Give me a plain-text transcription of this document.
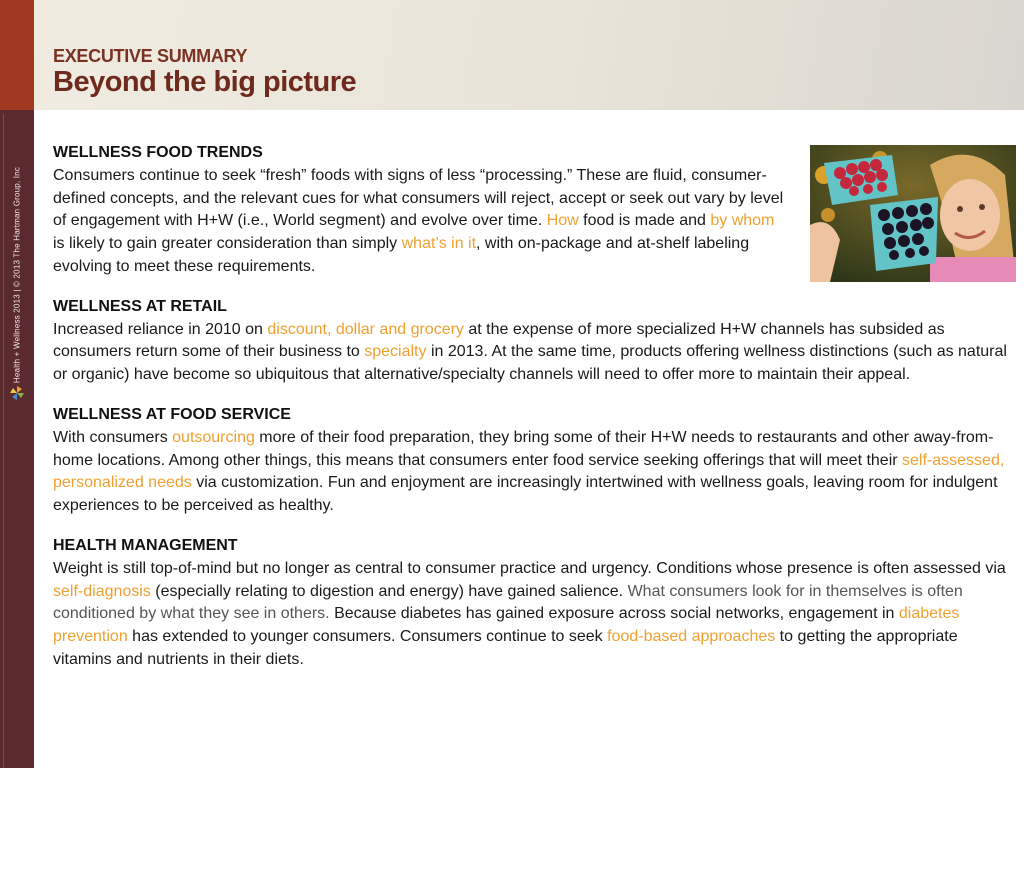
EXECUTIVE SUMMARY
Beyond the big picture
Health + Wellness 2013 | © 2013 The Hartman Group, Inc
9
WELLNESS FOOD TRENDS

Consumers continue to seek “fresh” foods with signs of less “processing.” These are fluid, consumer-defined concepts, and the relevant cues for what consumers will reject, accept or seek out vary by level of engagement with H+W (i.e., World segment) and evolve over time. How food is made and by whom is likely to gain greater consideration than simply what’s in it, with on-package and at-shelf labeling evolving to meet these requirements.

WELLNESS AT RETAIL

Increased reliance in 2010 on discount, dollar and grocery at the expense of more specialized H+W channels has subsided as consumers return some of their business to specialty in 2013. At the same time, products offering wellness distinctions (such as natural or organic) have become so ubiquitous that alternative/specialty channels will need to offer more to maintain their appeal.

WELLNESS AT FOOD SERVICE

With consumers outsourcing more of their food preparation, they bring some of their H+W needs to restaurants and other away-from-home locations. Among other things, this means that consumers enter food service seeking offerings that will meet their self-assessed, personalized needs via customization. Fun and enjoyment are increasingly intertwined with wellness goals, leaving room for indulgent experiences to be perceived as healthy.

HEALTH MANAGEMENT

Weight is still top-of-mind but no longer as central to consumer practice and urgency. Conditions whose presence is often assessed via self-diagnosis (especially relating to digestion and energy) have gained salience. What consumers look for in themselves is often conditioned by what they see in others. Because diabetes has gained exposure across social networks, engagement in diabetes prevention has extended to younger consumers. Consumers continue to seek food-based approaches to getting the appropriate vitamins and nutrients in their diets.
